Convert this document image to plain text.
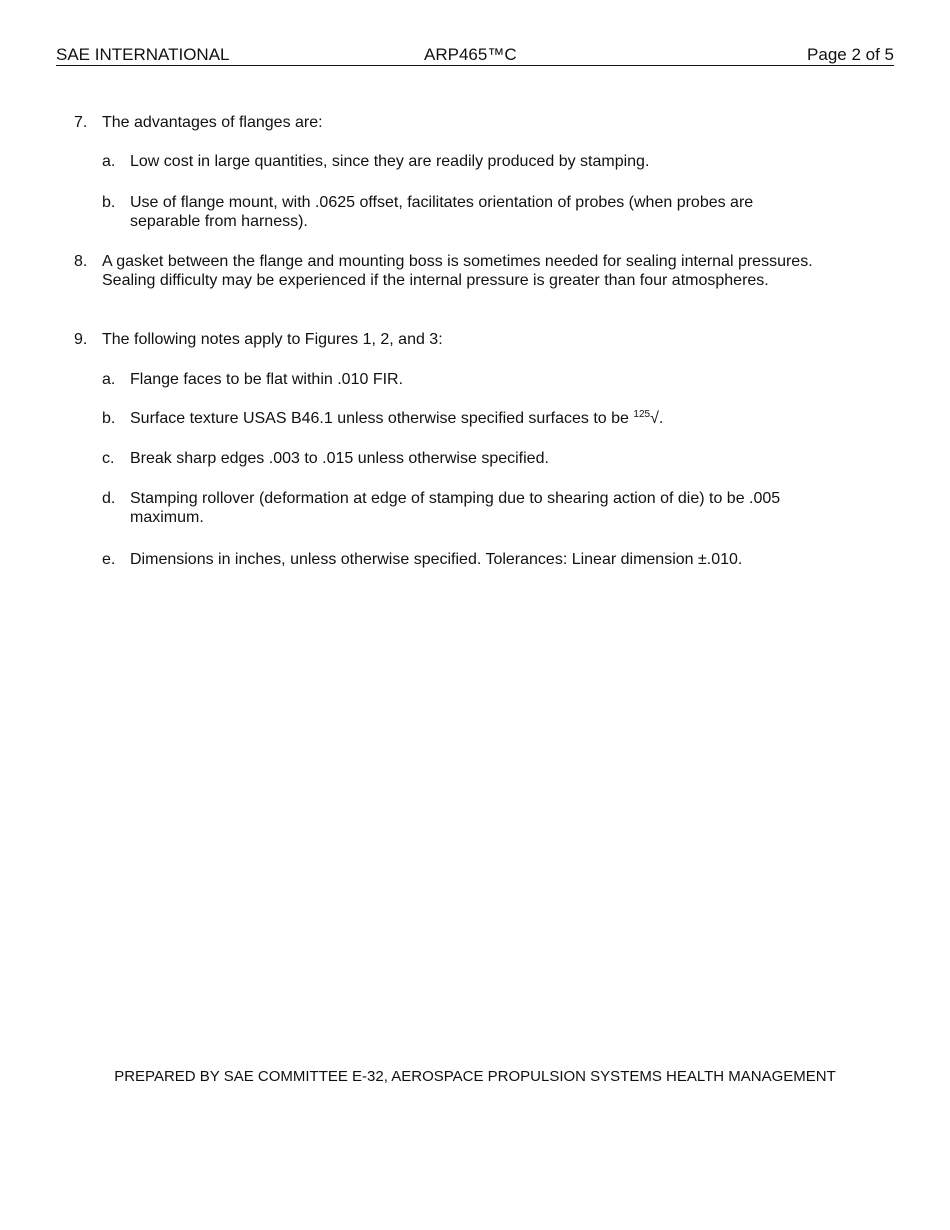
SAE INTERNATIONAL	ARP465™C	Page 2 of 5
7. The advantages of flanges are:
a. Low cost in large quantities, since they are readily produced by stamping.
b. Use of flange mount, with .0625 offset, facilitates orientation of probes (when probes are separable from harness).
8. A gasket between the flange and mounting boss is sometimes needed for sealing internal pressures. Sealing difficulty may be experienced if the internal pressure is greater than four atmospheres.
9. The following notes apply to Figures 1, 2, and 3:
a. Flange faces to be flat within .010 FIR.
b. Surface texture USAS B46.1 unless otherwise specified surfaces to be $^{125}$√.
c. Break sharp edges .003 to .015 unless otherwise specified.
d. Stamping rollover (deformation at edge of stamping due to shearing action of die) to be .005 maximum.
e. Dimensions in inches, unless otherwise specified. Tolerances: Linear dimension ±.010.
PREPARED BY SAE COMMITTEE E-32, AEROSPACE PROPULSION SYSTEMS HEALTH MANAGEMENT
